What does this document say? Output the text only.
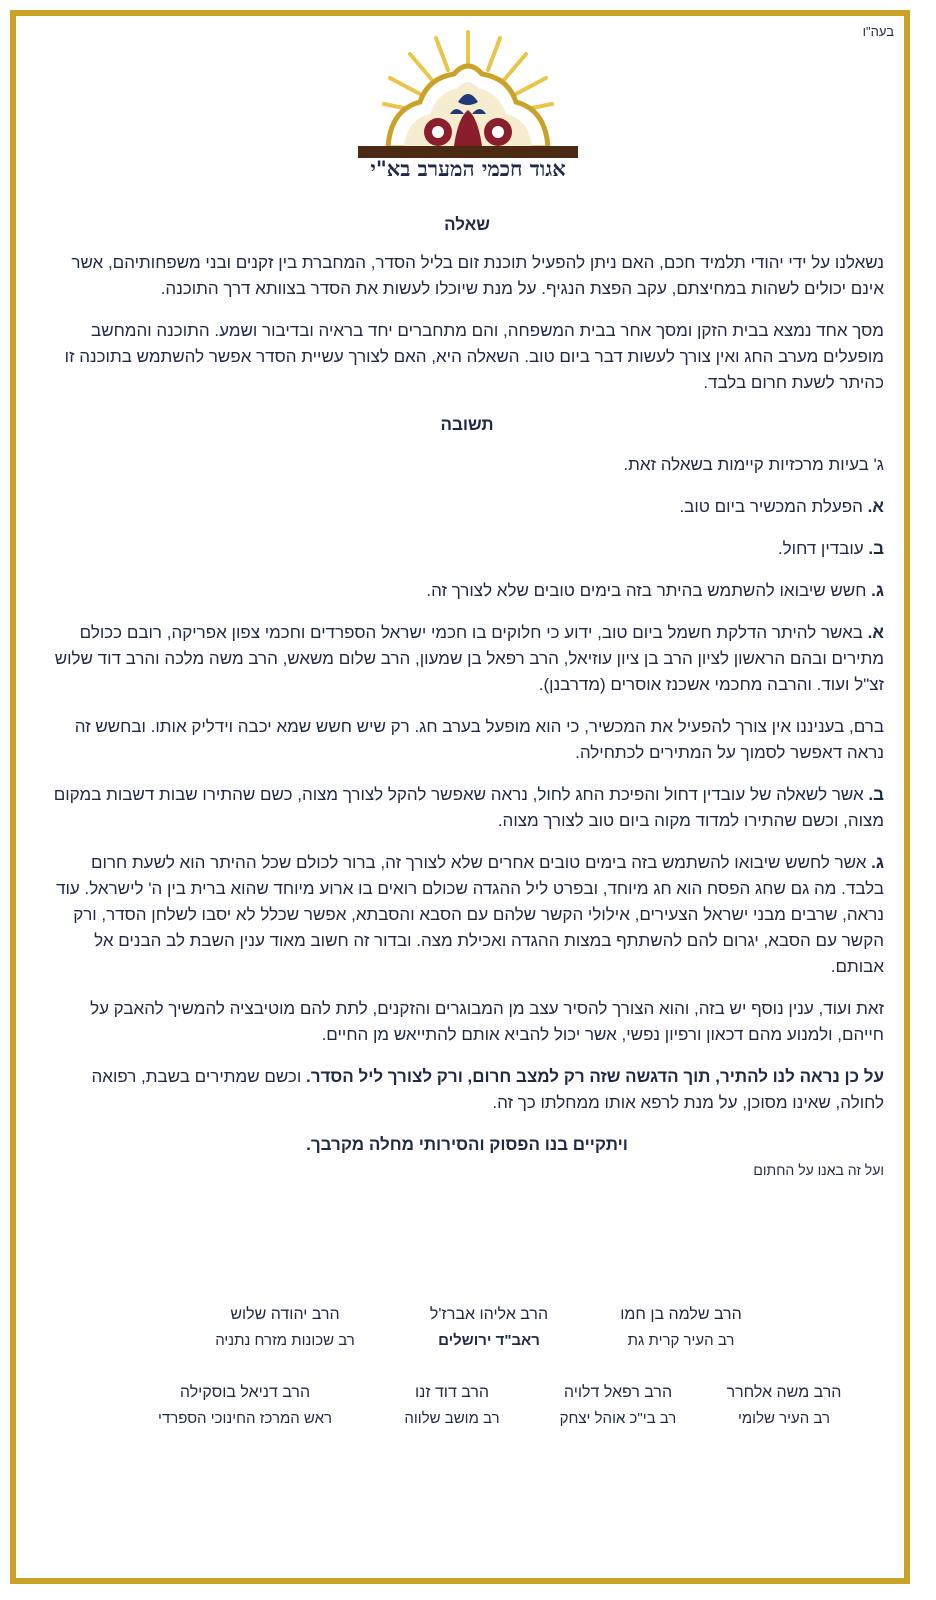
בעה"ו
אגוד חכמי המערב בא"י

שאלה

נשאלנו על ידי יהודי תלמיד חכם, האם ניתן להפעיל תוכנת זום בליל הסדר, המחברת בין זקנים ובני משפחותיהם, אשר אינם יכולים לשהות במחיצתם, עקב הפצת הנגיף. על מנת שיוכלו לעשות את הסדר בצוותא דרך התוכנה.

מסך אחד נמצא בבית הזקן ומסך אחר בבית המשפחה, והם מתחברים יחד בראיה ובדיבור ושמע. התוכנה והמחשב מופעלים מערב החג ואין צורך לעשות דבר ביום טוב. השאלה היא, האם לצורך עשיית הסדר אפשר להשתמש בתוכנה זו כהיתר לשעת חרום בלבד.

תשובה

ג' בעיות מרכזיות קיימות בשאלה זאת.

א. הפעלת המכשיר ביום טוב.

ב. עובדין דחול.

ג. חשש שיבואו להשתמש בהיתר בזה בימים טובים שלא לצורך זה.

א. באשר להיתר הדלקת חשמל ביום טוב, ידוע כי חלוקים בו חכמי ישראל הספרדים וחכמי צפון אפריקה, רובם ככולם מתירים ובהם הראשון לציון הרב בן ציון עוזיאל, הרב רפאל בן שמעון, הרב שלום משאש, הרב משה מלכה והרב דוד שלוש זצ"ל ועוד. והרבה מחכמי אשכנז אוסרים (מדרבנן).

ברם, בעניננו אין צורך להפעיל את המכשיר, כי הוא מופעל בערב חג. רק שיש חשש שמא יכבה וידליק אותו. ובחשש זה נראה דאפשר לסמוך על המתירים לכתחילה.

ב. אשר לשאלה של עובדין דחול והפיכת החג לחול, נראה שאפשר להקל לצורך מצוה, כשם שהתירו שבות דשבות במקום מצוה, וכשם שהתירו למדוד מקוה ביום טוב לצורך מצוה.

ג. אשר לחשש שיבואו להשתמש בזה בימים טובים אחרים שלא לצורך זה, ברור לכולם שכל ההיתר הוא לשעת חרום בלבד. מה גם שחג הפסח הוא חג מיוחד, ובפרט ליל ההגדה שכולם רואים בו ארוע מיוחד שהוא ברית בין ה' לישראל. עוד נראה, שרבים מבני ישראל הצעירים, אילולי הקשר שלהם עם הסבא והסבתא, אפשר שכלל לא יסבו לשלחן הסדר, ורק הקשר עם הסבא, יגרום להם להשתתף במצות ההגדה ואכילת מצה. ובדור זה חשוב מאוד ענין השבת לב הבנים אל אבותם.

זאת ועוד, ענין נוסף יש בזה, והוא הצורך להסיר עצב מן המבוגרים והזקנים, לתת להם מוטיבציה להמשיך להאבק על חייהם, ולמנוע מהם דכאון ורפיון נפשי, אשר יכול להביא אותם להתייאש מן החיים.

על כן נראה לנו להתיר, תוך הדגשה שזה רק למצב חרום, ורק לצורך ליל הסדר. וכשם שמתירים בשבת, רפואה לחולה, שאינו מסוכן, על מנת לרפא אותו ממחלתו כך זה.

ויתקיים בנו הפסוק והסירותי מחלה מקרבך.

ועל זה באנו על החתום

הרב שלמה בן חמו
רב העיר קרית גת
הרב אליהו אברז'ל
ראב"ד ירושלים
הרב יהודה שלוש
רב שכונות מזרח נתניה
הרב משה אלחרר
רב העיר שלומי
הרב רפאל דלויה
רב בי"כ אוהל יצחק
הרב דוד זנו
רב מושב שלווה
הרב דניאל בוסקילה
ראש המרכז החינוכי הספרדי
